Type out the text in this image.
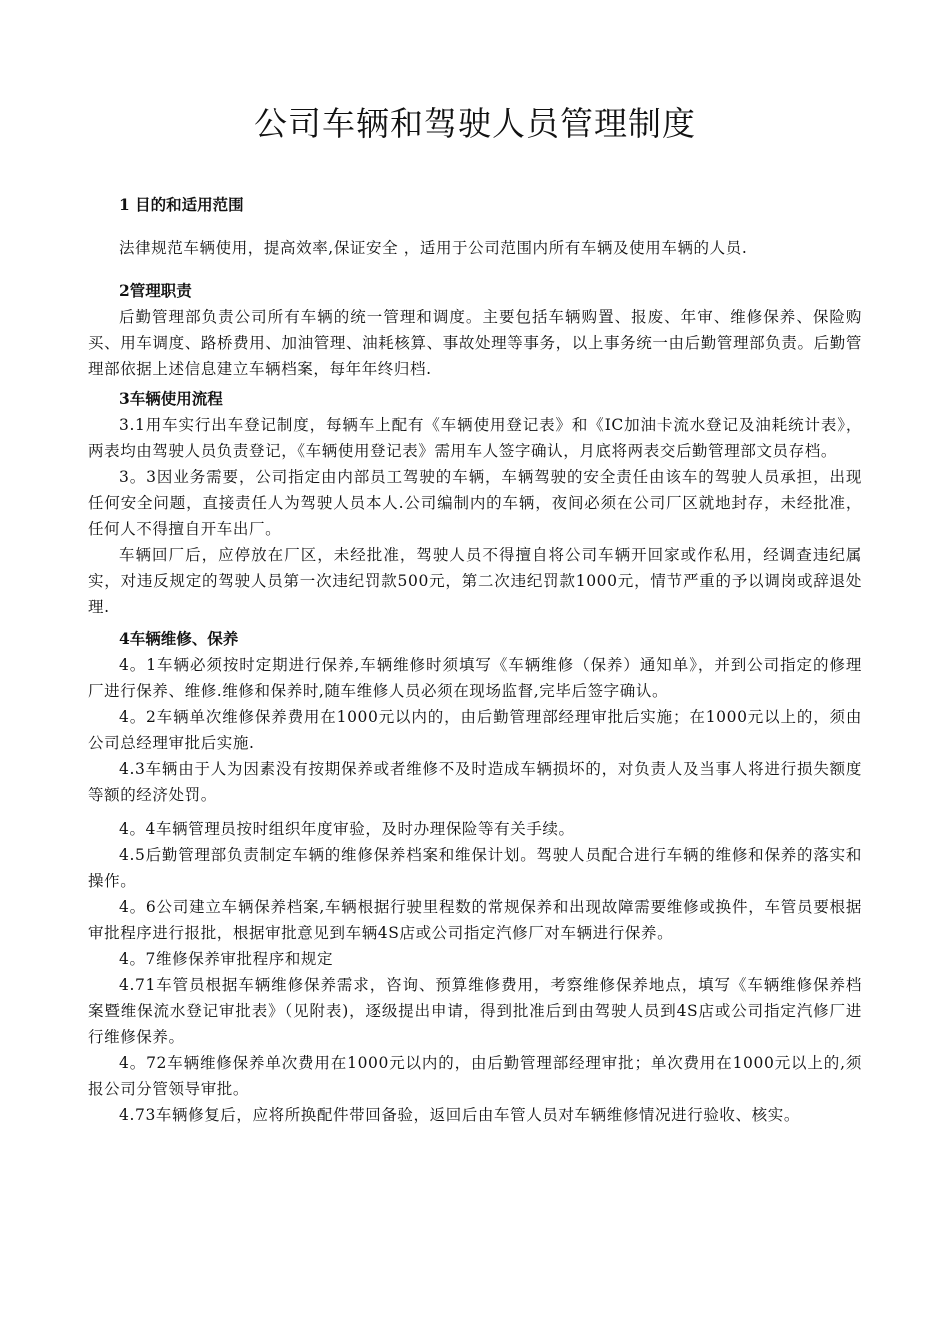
公司车辆和驾驶人员管理制度

1 目的和适用范围

法律规范车辆使用，提高效率,保证安全 ，适用于公司范围内所有车辆及使用车辆的人员.

2管理职责

后勤管理部负责公司所有车辆的统一管理和调度。主要包括车辆购置、报废、年审、维修保养、保险购买、用车调度、路桥费用、加油管理、油耗核算、事故处理等事务，以上事务统一由后勤管理部负责。后勤管理部依据上述信息建立车辆档案，每年年终归档.

3车辆使用流程

3.1用车实行出车登记制度，每辆车上配有《车辆使用登记表》和《IC加油卡流水登记及油耗统计表》，两表均由驾驶人员负责登记，《车辆使用登记表》需用车人签字确认，月底将两表交后勤管理部文员存档。

3。3因业务需要，公司指定由内部员工驾驶的车辆，车辆驾驶的安全责任由该车的驾驶人员承担，出现任何安全问题，直接责任人为驾驶人员本人.公司编制内的车辆，夜间必须在公司厂区就地封存，未经批准，任何人不得擅自开车出厂。

车辆回厂后，应停放在厂区，未经批准，驾驶人员不得擅自将公司车辆开回家或作私用，经调查违纪属实，对违反规定的驾驶人员第一次违纪罚款500元，第二次违纪罚款1000元，情节严重的予以调岗或辞退处理.

4车辆维修、保养

4。1车辆必须按时定期进行保养,车辆维修时须填写《车辆维修（保养）通知单》，并到公司指定的修理厂进行保养、维修.维修和保养时,随车维修人员必须在现场监督,完毕后签字确认。

4。2车辆单次维修保养费用在1000元以内的，由后勤管理部经理审批后实施；在1000元以上的，须由公司总经理审批后实施.

4.3车辆由于人为因素没有按期保养或者维修不及时造成车辆损坏的，对负责人及当事人将进行损失额度等额的经济处罚。

4。4车辆管理员按时组织年度审验，及时办理保险等有关手续。

4.5后勤管理部负责制定车辆的维修保养档案和维保计划。驾驶人员配合进行车辆的维修和保养的落实和操作。

4。6公司建立车辆保养档案,车辆根据行驶里程数的常规保养和出现故障需要维修或换件，车管员要根据审批程序进行报批，根据审批意见到车辆4S店或公司指定汽修厂对车辆进行保养。

4。7维修保养审批程序和规定

4.71车管员根据车辆维修保养需求，咨询、预算维修费用，考察维修保养地点，填写《车辆维修保养档案暨维保流水登记审批表》（见附表)，逐级提出申请，得到批准后到由驾驶人员到4S店或公司指定汽修厂进行维修保养。

4。72车辆维修保养单次费用在1000元以内的，由后勤管理部经理审批；单次费用在1000元以上的,须报公司分管领导审批。

4.73车辆修复后，应将所换配件带回备验，返回后由车管人员对车辆维修情况进行验收、核实。
